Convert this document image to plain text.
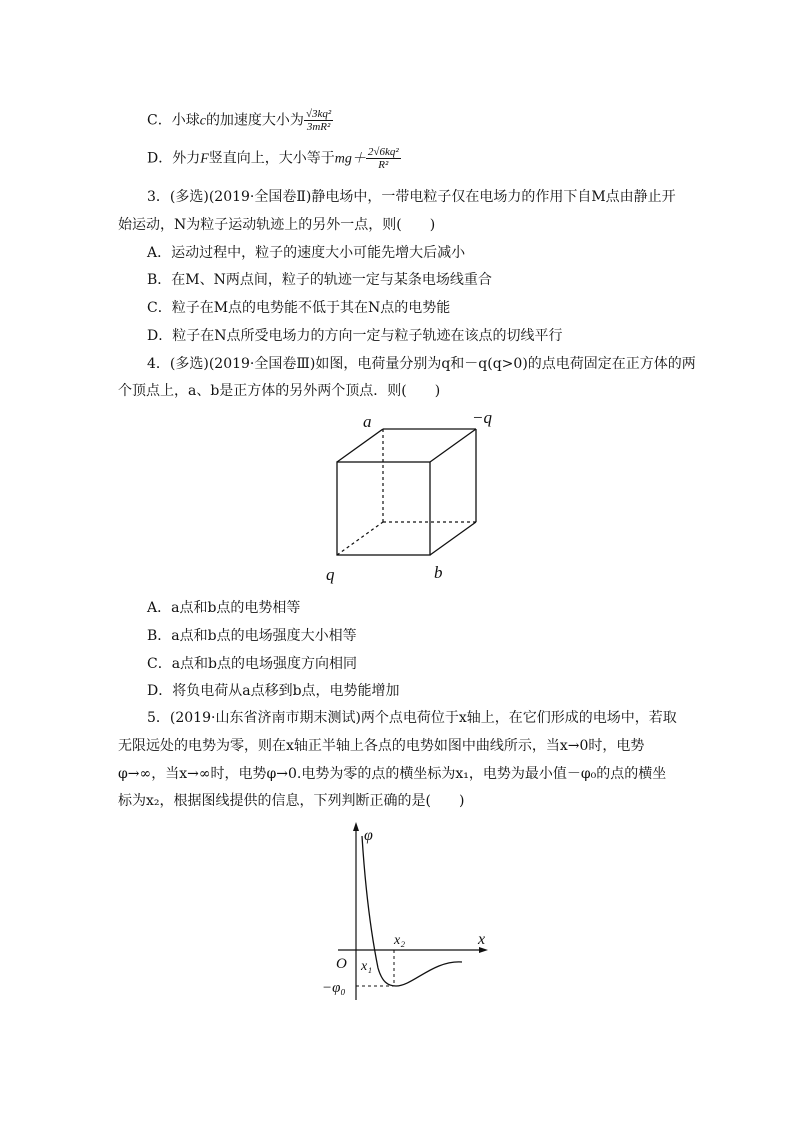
C．小球c的加速度大小为 $\frac{\text{√3kq²}}{\text{3mR²}}$
D．外力F竖直向上，大小等于$mg+ \frac{\text{2√6kq²}}{\text{R²}}$
3．(多选)(2019·全国卷Ⅱ)静电场中，一带电粒子仅在电场力的作用下自M点由静止开
始运动，N为粒子运动轨迹上的另外一点，则(　　)
A．运动过程中，粒子的速度大小可能先增大后减小
B．在M、N两点间，粒子的轨迹一定与某条电场线重合
C．粒子在M点的电势能不低于其在N点的电势能
D．粒子在N点所受电场力的方向一定与粒子轨迹在该点的切线平行
4．(多选)(2019·全国卷Ⅲ)如图，电荷量分别为q和－q(q>0)的点电荷固定在正方体的两
个顶点上，a、b是正方体的另外两个顶点．则(　　)
a	−q
q	b
A．a点和b点的电势相等
B．a点和b点的电场强度大小相等
C．a点和b点的电场强度方向相同
D．将负电荷从a点移到b点，电势能增加
5．(2019·山东省济南市期末测试)两个点电荷位于x轴上，在它们形成的电场中，若取
无限远处的电势为零，则在x轴正半轴上各点的电势如图中曲线所示，当x→0时，电势
φ→∞，当x→∞时，电势φ→0.电势为零的点的横坐标为x₁，电势为最小值－φ₀的点的横坐
标为x₂，根据图线提供的信息，下列判断正确的是(　　)
φ
x
O x₁
x₂
−φ₀
